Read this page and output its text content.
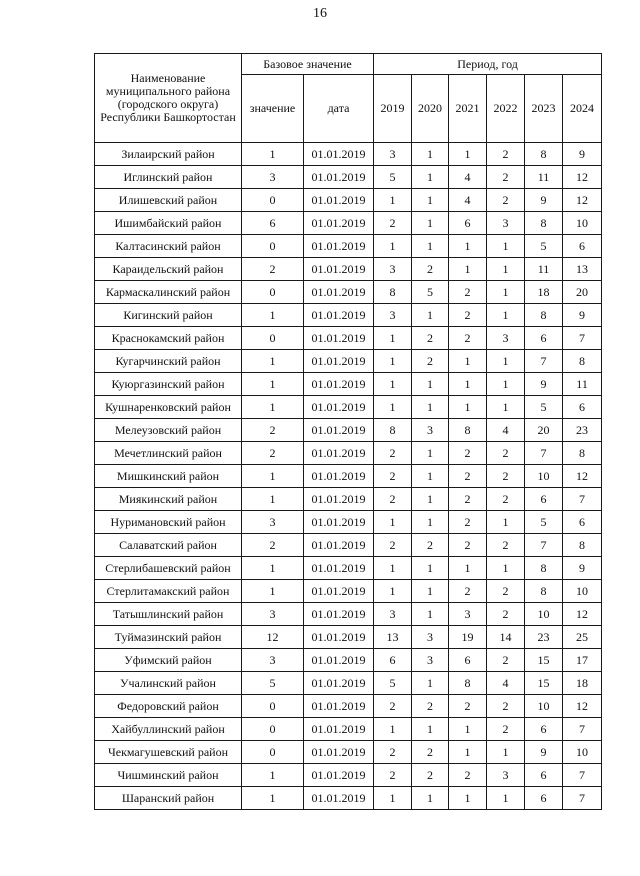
16
Наименование муниципального района (городского округа) Республики Башкортостан	Базовое значение		Период, год					
	значение	дата	2019	2020	2021	2022	2023	2024
Зилаирский район	1	01.01.2019	3	1	1	2	8	9
Иглинский район	3	01.01.2019	5	1	4	2	11	12
Илишевский район	0	01.01.2019	1	1	4	2	9	12
Ишимбайский район	6	01.01.2019	2	1	6	3	8	10
Калтасинский район	0	01.01.2019	1	1	1	1	5	6
Караидельский район	2	01.01.2019	3	2	1	1	11	13
Кармаскалинский район	0	01.01.2019	8	5	2	1	18	20
Кигинский район	1	01.01.2019	3	1	2	1	8	9
Краснокамский район	0	01.01.2019	1	2	2	3	6	7
Кугарчинский район	1	01.01.2019	1	2	1	1	7	8
Куюргазинский район	1	01.01.2019	1	1	1	1	9	11
Кушнаренковский район	1	01.01.2019	1	1	1	1	5	6
Мелеузовский район	2	01.01.2019	8	3	8	4	20	23
Мечетлинский район	2	01.01.2019	2	1	2	2	7	8
Мишкинский район	1	01.01.2019	2	1	2	2	10	12
Миякинский район	1	01.01.2019	2	1	2	2	6	7
Нуримановский район	3	01.01.2019	1	1	2	1	5	6
Салаватский район	2	01.01.2019	2	2	2	2	7	8
Стерлибашевский район	1	01.01.2019	1	1	1	1	8	9
Стерлитамакский район	1	01.01.2019	1	1	2	2	8	10
Татышлинский район	3	01.01.2019	3	1	3	2	10	12
Туймазинский район	12	01.01.2019	13	3	19	14	23	25
Уфимский район	3	01.01.2019	6	3	6	2	15	17
Учалинский район	5	01.01.2019	5	1	8	4	15	18
Федоровский район	0	01.01.2019	2	2	2	2	10	12
Хайбуллинский район	0	01.01.2019	1	1	1	2	6	7
Чекмагушевский район	0	01.01.2019	2	2	1	1	9	10
Чишминский район	1	01.01.2019	2	2	2	3	6	7
Шаранский район	1	01.01.2019	1	1	1	1	6	7
